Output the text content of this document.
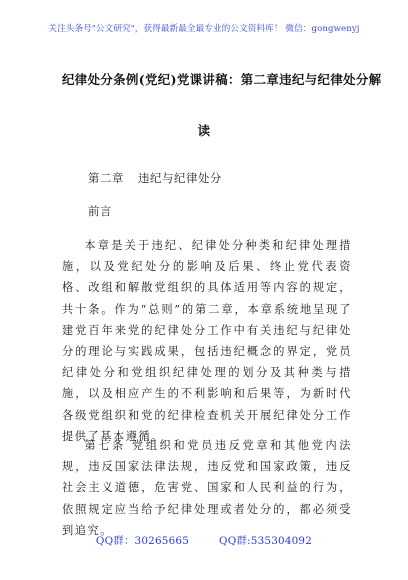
关注头条号"公文研究"，获得最新最全最专业的公文资料库！ 微信：gongwenyj
纪律处分条例(党纪)党课讲稿：第二章违纪与纪律处分解
读
第二章 违纪与纪律处分
前言
本章是关于违纪、纪律处分种类和纪律处理措施，以及党纪处分的影响及后果、终止党代表资格、改组和解散党组织的具体适用等内容的规定，共十条。作为“总则”的第二章，本章系统地呈现了建党百年来党的纪律处分工作中有关违纪与纪律处分的理论与实践成果，包括违纪概念的界定，党员纪律处分和党组织纪律处理的划分及其种类与措施，以及相应产生的不利影响和后果等，为新时代各级党组织和党的纪律检查机关开展纪律处分工作提供了基本遵循。
第七条 党组织和党员违反党章和其他党内法规，违反国家法律法规，违反党和国家政策，违反社会主义道德，危害党、国家和人民利益的行为，依照规定应当给予纪律处理或者处分的，都必须受到追究。
QQ群：30265665	QQ群:535304092
